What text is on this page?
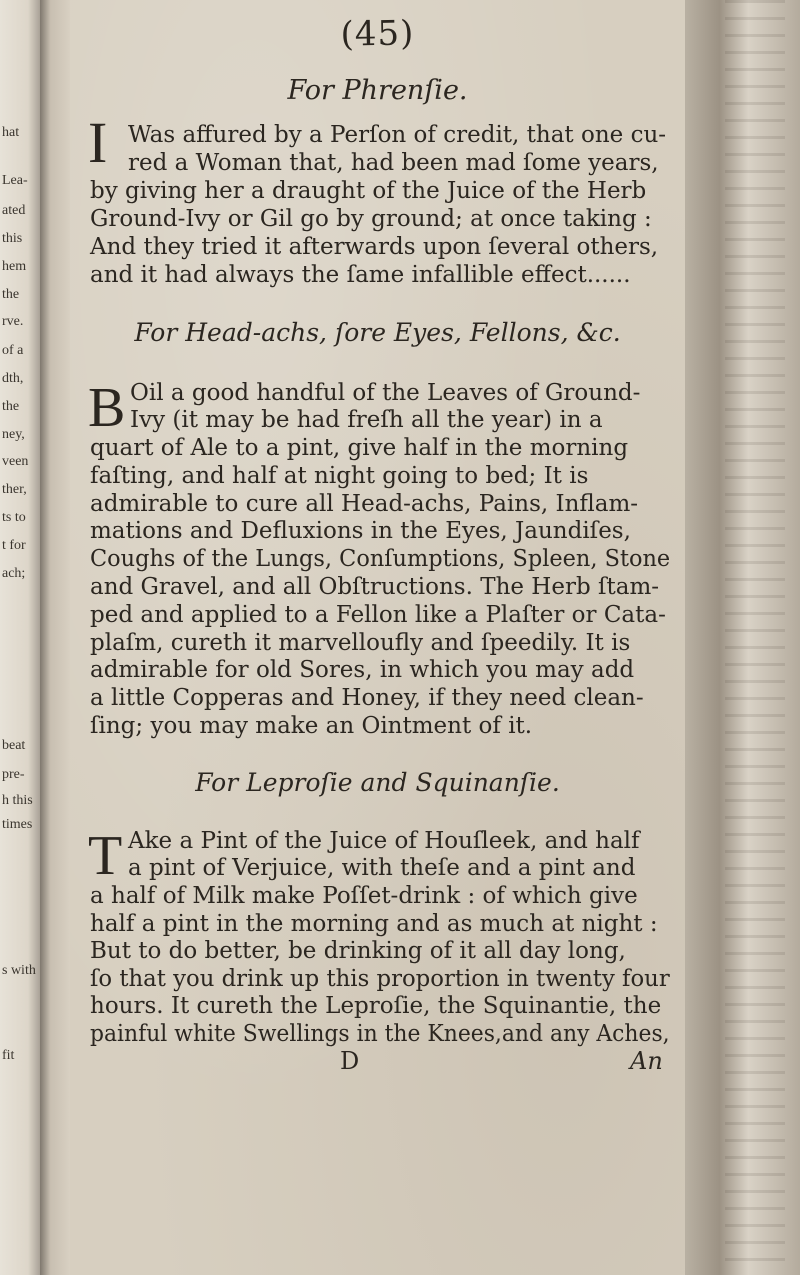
hat
Lea-
ated
this
hem
the
rve.
of a
dth,
the
ney,
veen
ther,
ts to
t for
ach;
beat
pre-
h this
times
s with
fit
(45)
For Phrenſie.
I Was affured by a Perſon of credit, that one cu-
red a Woman that, had been mad ſome years,
by giving her a draught of the Juice of the Herb
Ground-Ivy or Gil go by ground; at once taking :
And they tried it afterwards upon ſeveral others,
and it had always the ſame infallible effect......
For Head-achs, ſore Eyes, Fellons, &c.
B Oil a good handful of the Leaves of Ground-
Ivy (it may be had freſh all the year) in a
quart of Ale to a pint, give half in the morning
faſting, and half at night going to bed; It is
admirable to cure all Head-achs, Pains, Inflam-
mations and Defluxions in the Eyes, Jaundiſes,
Coughs of the Lungs, Conſumptions, Spleen, Stone
and Gravel, and all Obſtructions. The Herb ſtam-
ped and applied to a Fellon like a Plaſter or Cata-
plaſm, cureth it marvelloufly and ſpeedily. It is
admirable for old Sores, in which you may add
a little Copperas and Honey, if they need clean-
ſing; you may make an Ointment of it.
For Leproſie and Squinanſie.
T Ake a Pint of the Juice of Houſleek, and half
a pint of Verjuice, with theſe and a pint and
a half of Milk make Poſſet-drink : of which give
half a pint in the morning and as much at night :
But to do better, be drinking of it all day long,
ſo that you drink up this proportion in twenty four
hours. It cureth the Leproſie, the Squinantie, the
painful white Swellings in the Knees,and any Aches,
D	An
